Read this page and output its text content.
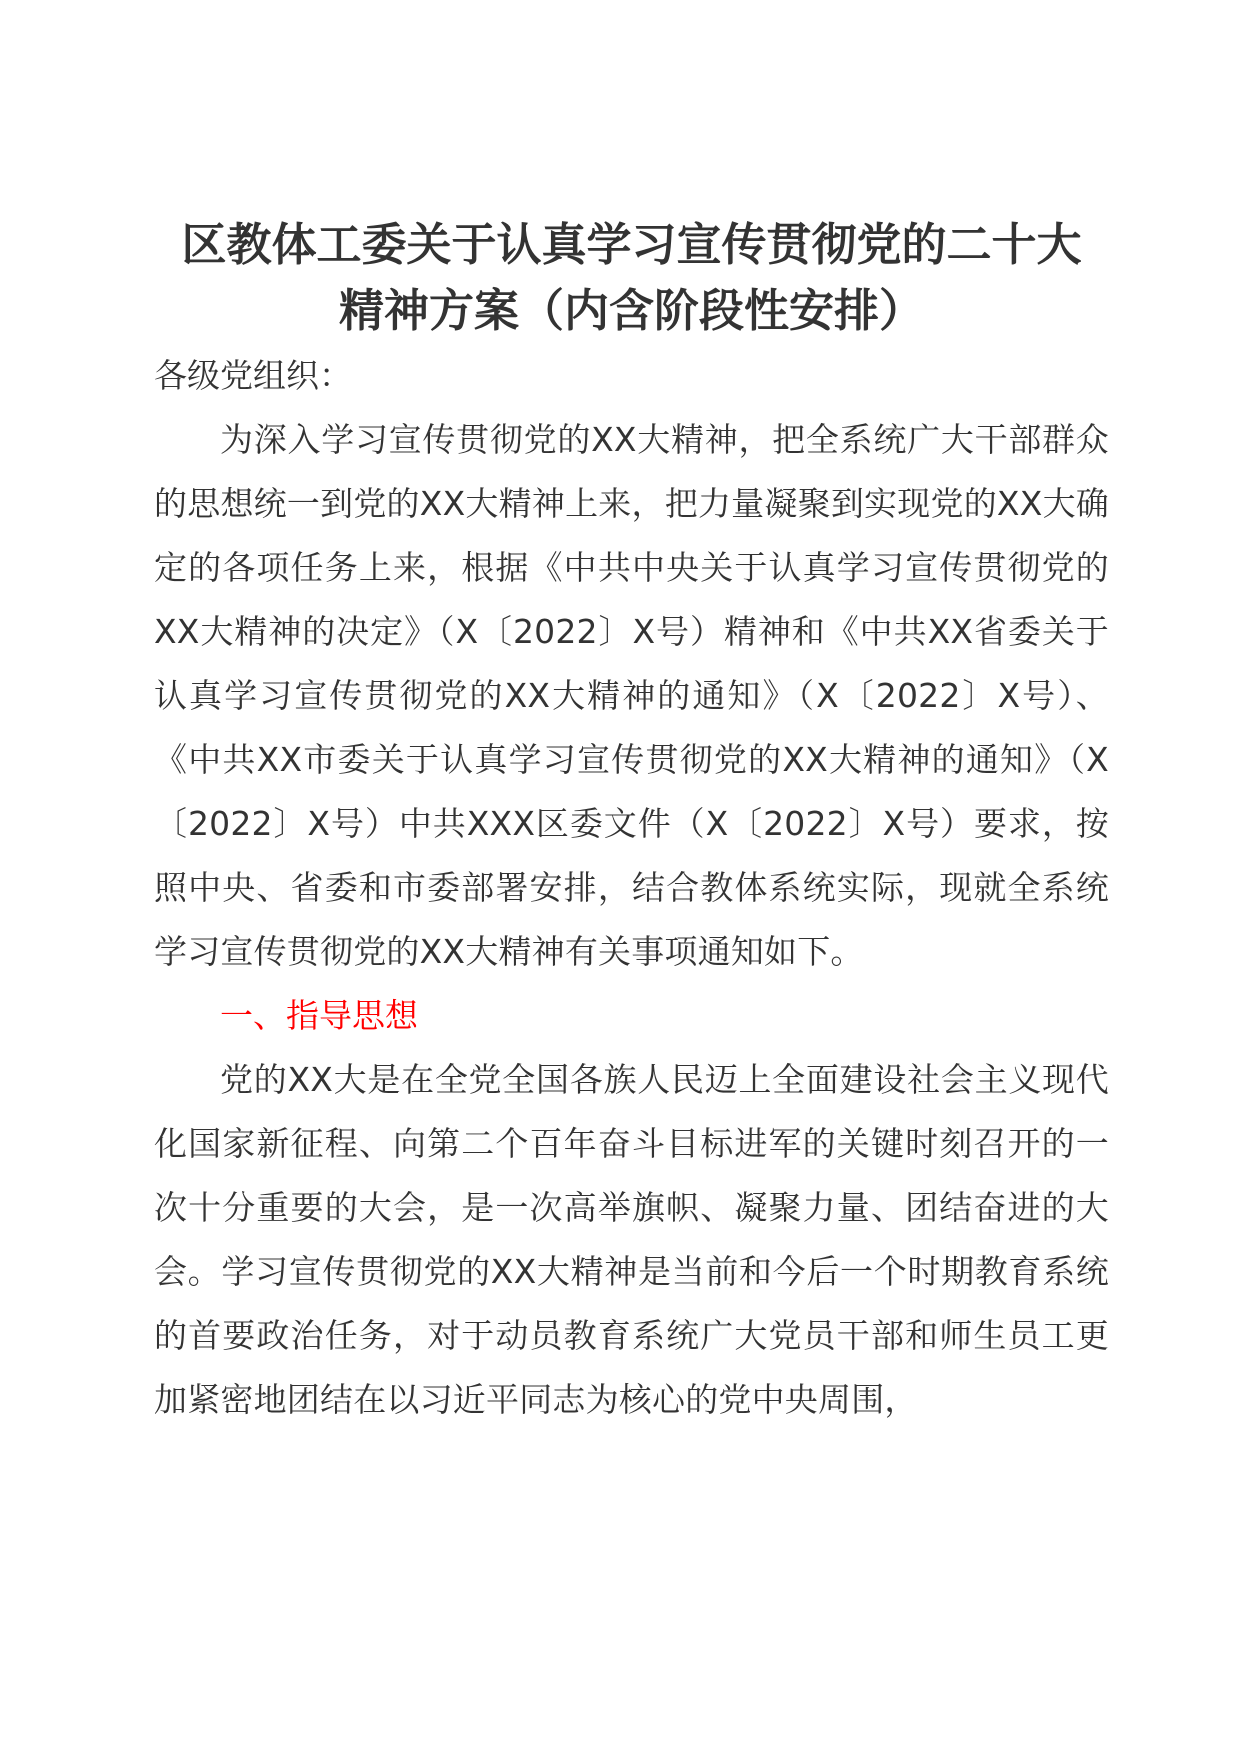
区教体工委关于认真学习宣传贯彻党的二十大
精神方案（内含阶段性安排）

各级党组织：

为深入学习宣传贯彻党的XX大精神，把全系统广大干部群众的思想统一到党的XX大精神上来，把力量凝聚到实现党的XX大确定的各项任务上来，根据《中共中央关于认真学习宣传贯彻党的XX大精神的决定》（X〔2022〕X号）精神和《中共XX省委关于认真学习宣传贯彻党的XX大精神的通知》（X〔2022〕X号）、《中共XX市委关于认真学习宣传贯彻党的XX大精神的通知》（X〔2022〕X号）中共XXX区委文件（X〔2022〕X号）要求，按照中央、省委和市委部署安排，结合教体系统实际，现就全系统学习宣传贯彻党的XX大精神有关事项通知如下。

一、指导思想

党的XX大是在全党全国各族人民迈上全面建设社会主义现代化国家新征程、向第二个百年奋斗目标进军的关键时刻召开的一次十分重要的大会，是一次高举旗帜、凝聚力量、团结奋进的大会。学习宣传贯彻党的XX大精神是当前和今后一个时期教育系统的首要政治任务，对于动员教育系统广大党员干部和师生员工更加紧密地团结在以习近平同志为核心的党中央周围，
